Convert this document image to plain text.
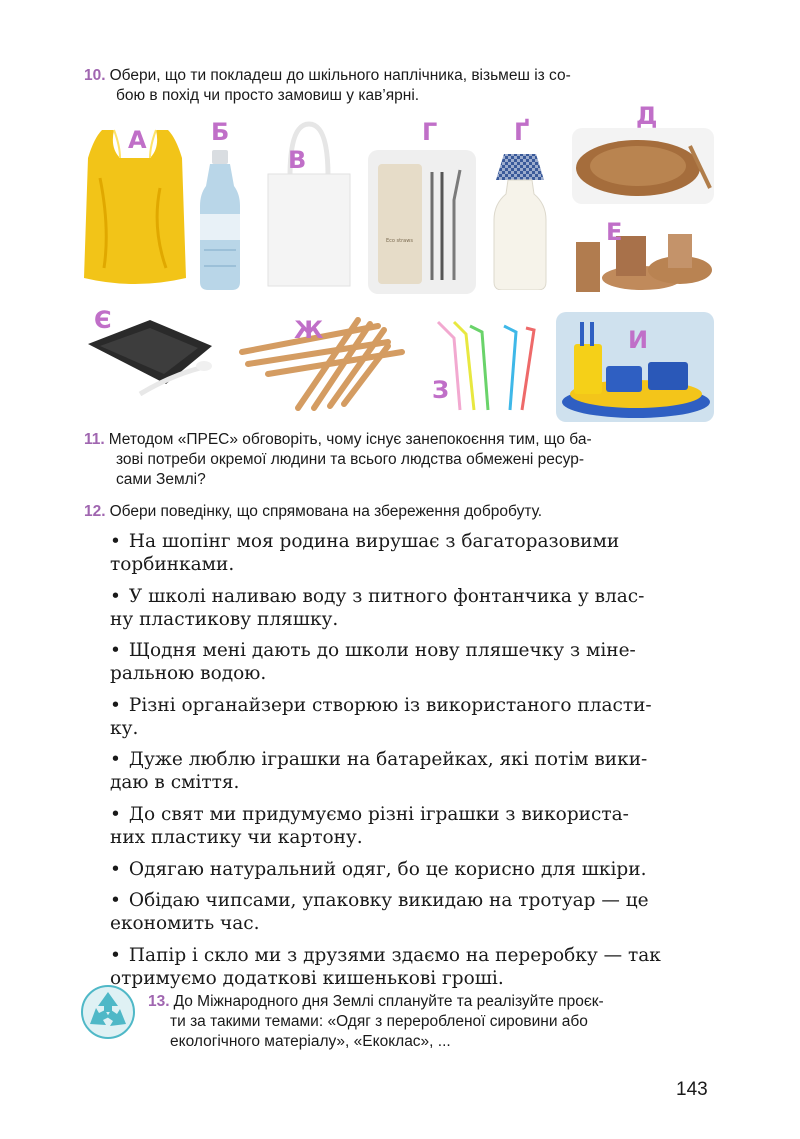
10. Обери, що ти покладеш до шкільного наплічника, візьмеш із со-
бою в похід чи просто замовиш у кав’ярні.
А	Б
В
Eco straws
Г	Ґ
Д
Е
Є	Ж
З
И
11. Методом «ПРЕС» обговоріть, чому існує занепокоєння тим, що ба-
зові потреби окремої людини та всього людства обмежені ресур-
сами Землі?
12. Обери поведінку, що спрямована на збереження добробуту.
• На шопінг моя родина вирушає з багаторазовими
торбинками.
• У школі наливаю воду з питного фонтанчика у влас-
ну пластикову пляшку.
• Щодня мені дають до школи нову пляшечку з міне-
ральною водою.
• Різні органайзери створюю із використаного пласти-
ку.
• Дуже люблю іграшки на батарейках, які потім вики-
даю в сміття.
• До свят ми придумуємо різні іграшки з використа-
них пластику чи картону.
• Одягаю натуральний одяг, бо це корисно для шкіри.
• Обідаю чипсами, упаковку викидаю на тротуар — це
економить час.
• Папір і скло ми з друзями здаємо на переробку — так
отримуємо додаткові кишенькові гроші.
13. До Міжнародного дня Землі сплануйте та реалізуйте проєк-
ти за такими темами: «Одяг з переробленої сировини або
екологічного матеріалу», «Екоклас», ...
143
